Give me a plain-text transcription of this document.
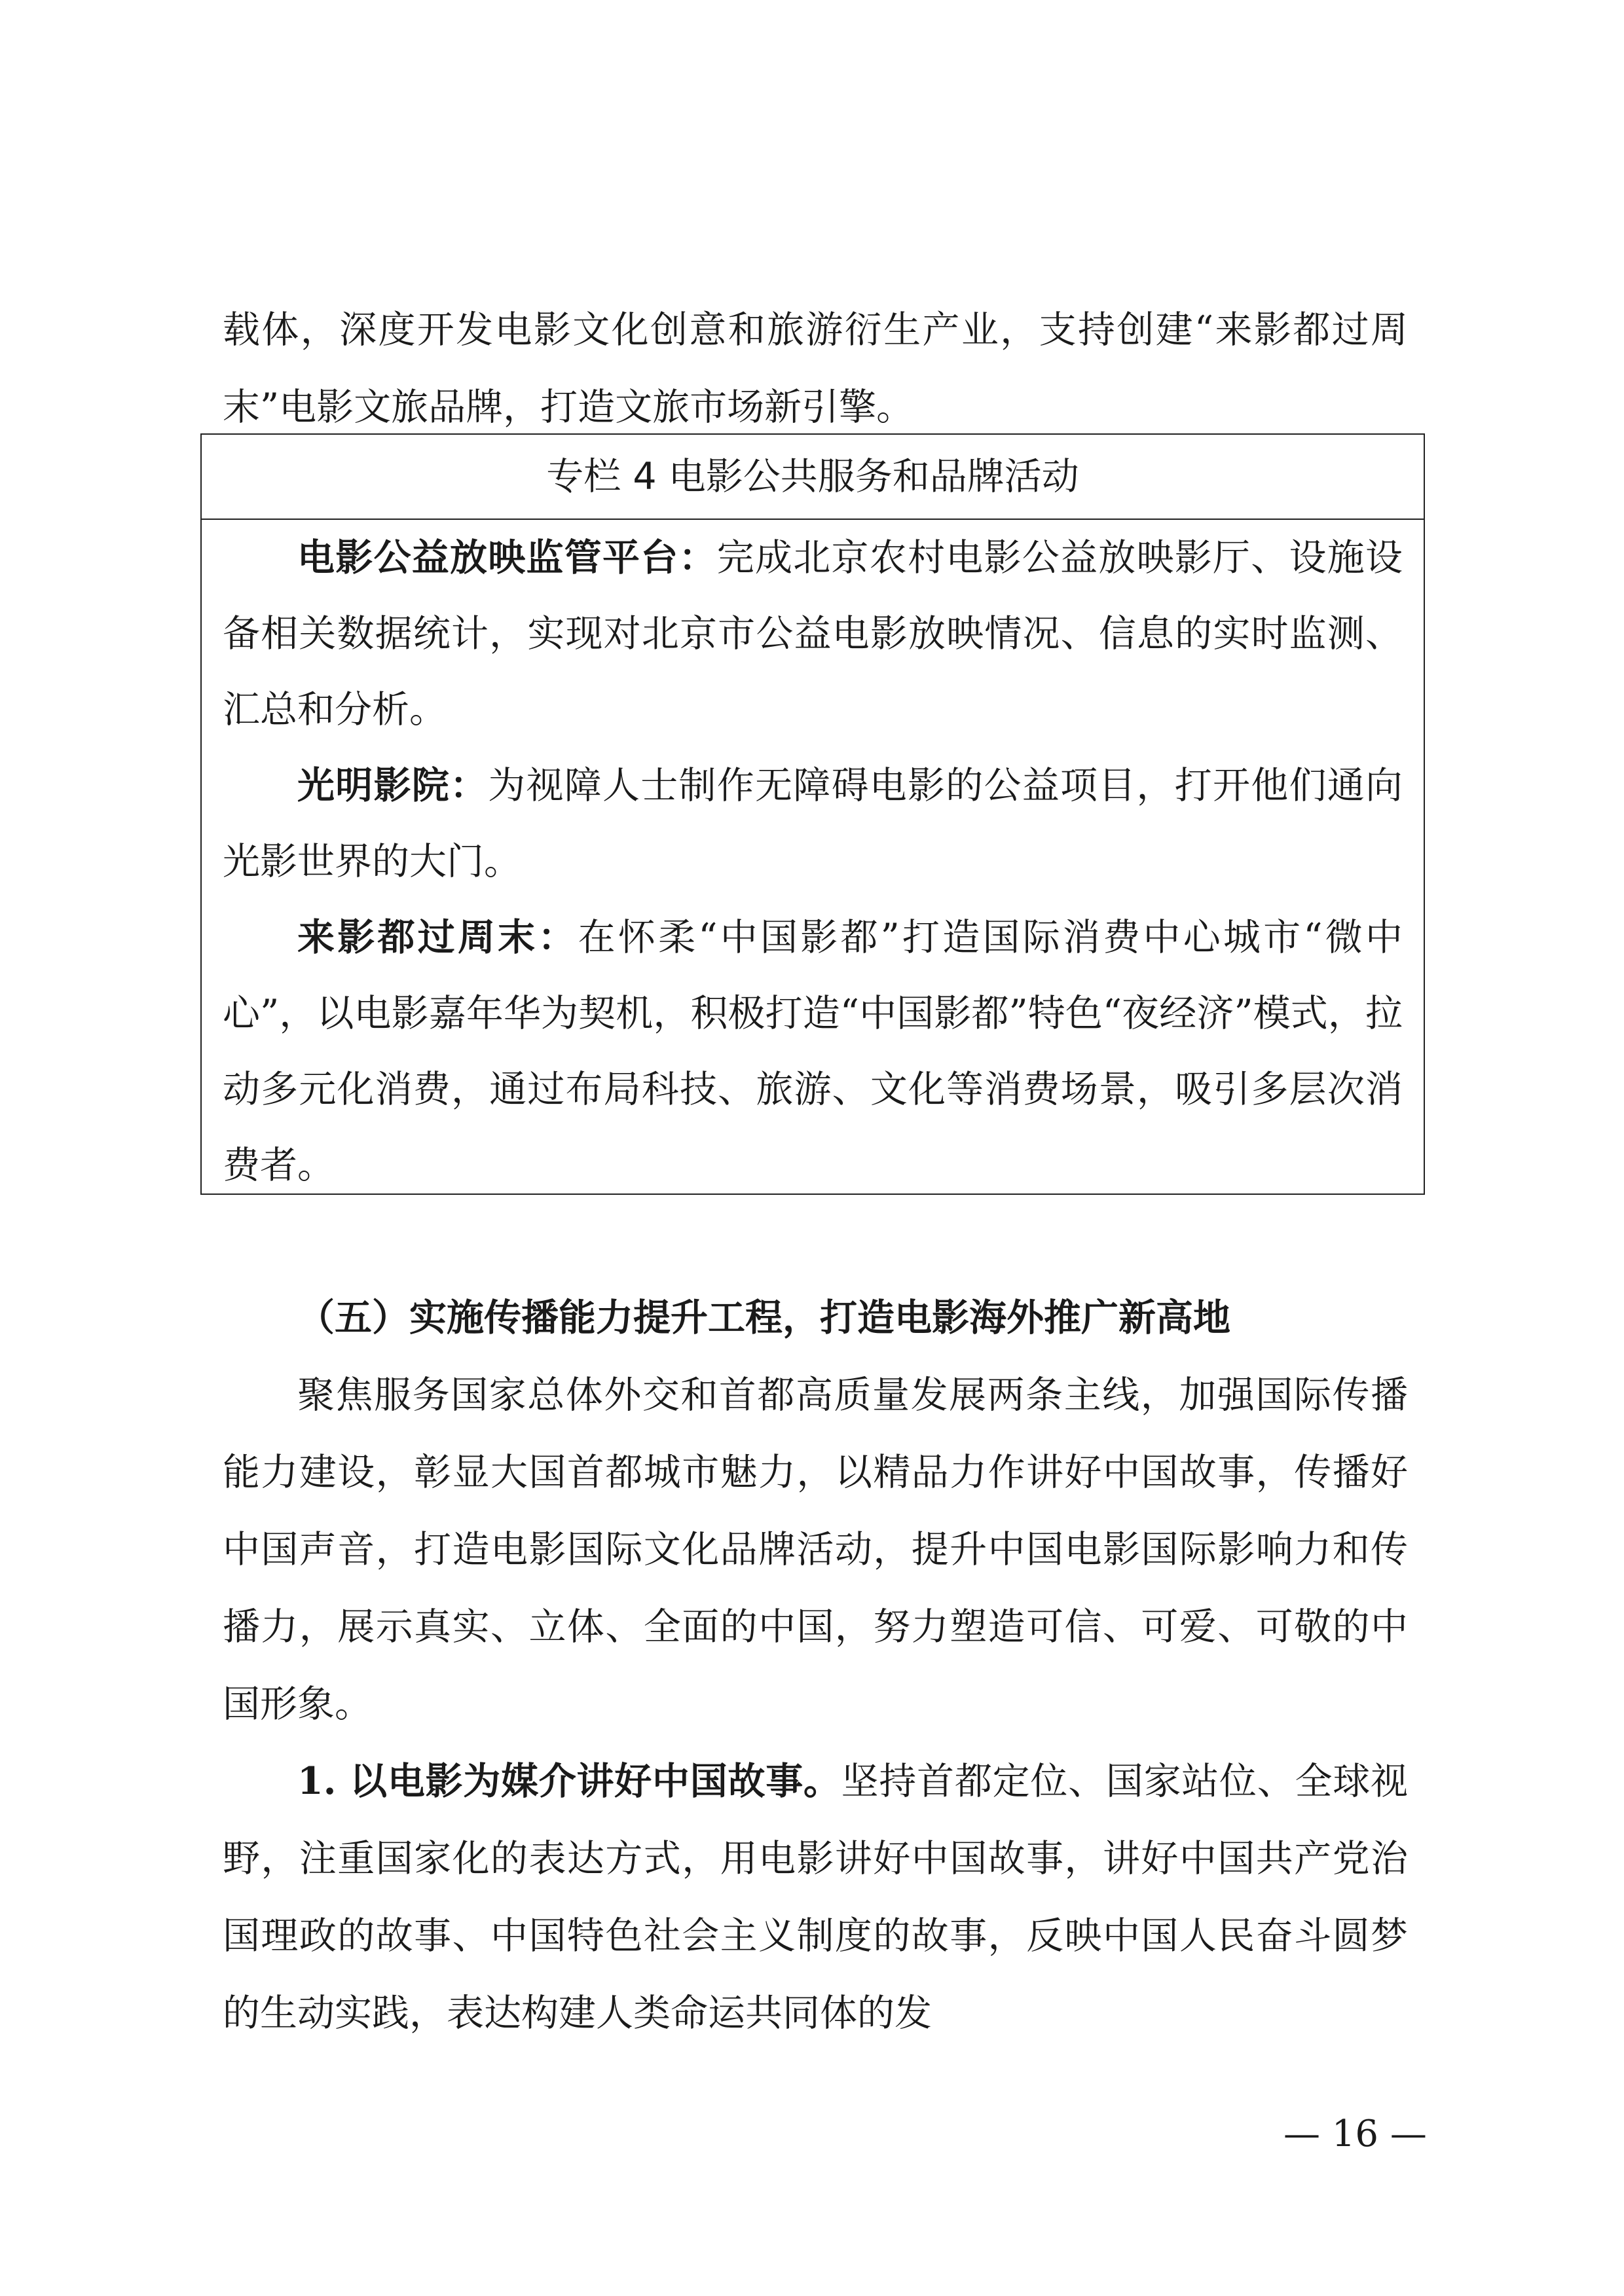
载体，深度开发电影文化创意和旅游衍生产业，支持创建“来影都过周末”电影文旅品牌，打造文旅市场新引擎。

专栏 4 电影公共服务和品牌活动

电影公益放映监管平台：完成北京农村电影公益放映影厅、设施设备相关数据统计，实现对北京市公益电影放映情况、信息的实时监测、汇总和分析。

光明影院：为视障人士制作无障碍电影的公益项目，打开他们通向光影世界的大门。

来影都过周末：在怀柔“中国影都”打造国际消费中心城市“微中心”，以电影嘉年华为契机，积极打造“中国影都”特色“夜经济”模式，拉动多元化消费，通过布局科技、旅游、文化等消费场景，吸引多层次消费者。

（五）实施传播能力提升工程，打造电影海外推广新高地

聚焦服务国家总体外交和首都高质量发展两条主线，加强国际传播能力建设，彰显大国首都城市魅力，以精品力作讲好中国故事，传播好中国声音，打造电影国际文化品牌活动，提升中国电影国际影响力和传播力，展示真实、立体、全面的中国，努力塑造可信、可爱、可敬的中国形象。

1. 以电影为媒介讲好中国故事。坚持首都定位、国家站位、全球视野，注重国家化的表达方式，用电影讲好中国故事，讲好中国共产党治国理政的故事、中国特色社会主义制度的故事，反映中国人民奋斗圆梦的生动实践，表达构建人类命运共同体的发

— 16 —
